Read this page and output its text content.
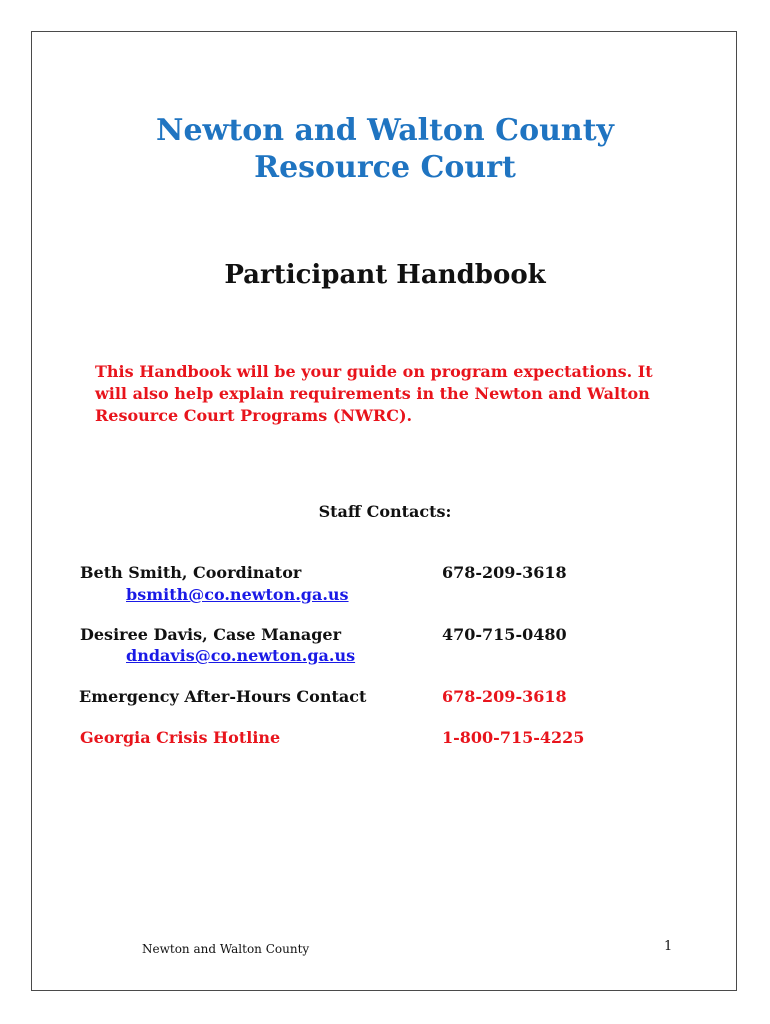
Newton and Walton County
Resource Court
Participant Handbook
This Handbook will be your guide on program expectations. It
will also help explain requirements in the Newton and Walton
Resource Court Programs (NWRC).
Staff Contacts:
Beth Smith, Coordinator	678-209-3618
bsmith@co.newton.ga.us
Desiree Davis, Case Manager	470-715-0480
dndavis@co.newton.ga.us
Emergency After-Hours Contact	678-209-3618
Georgia Crisis Hotline	1-800-715-4225
Newton and Walton County	1
